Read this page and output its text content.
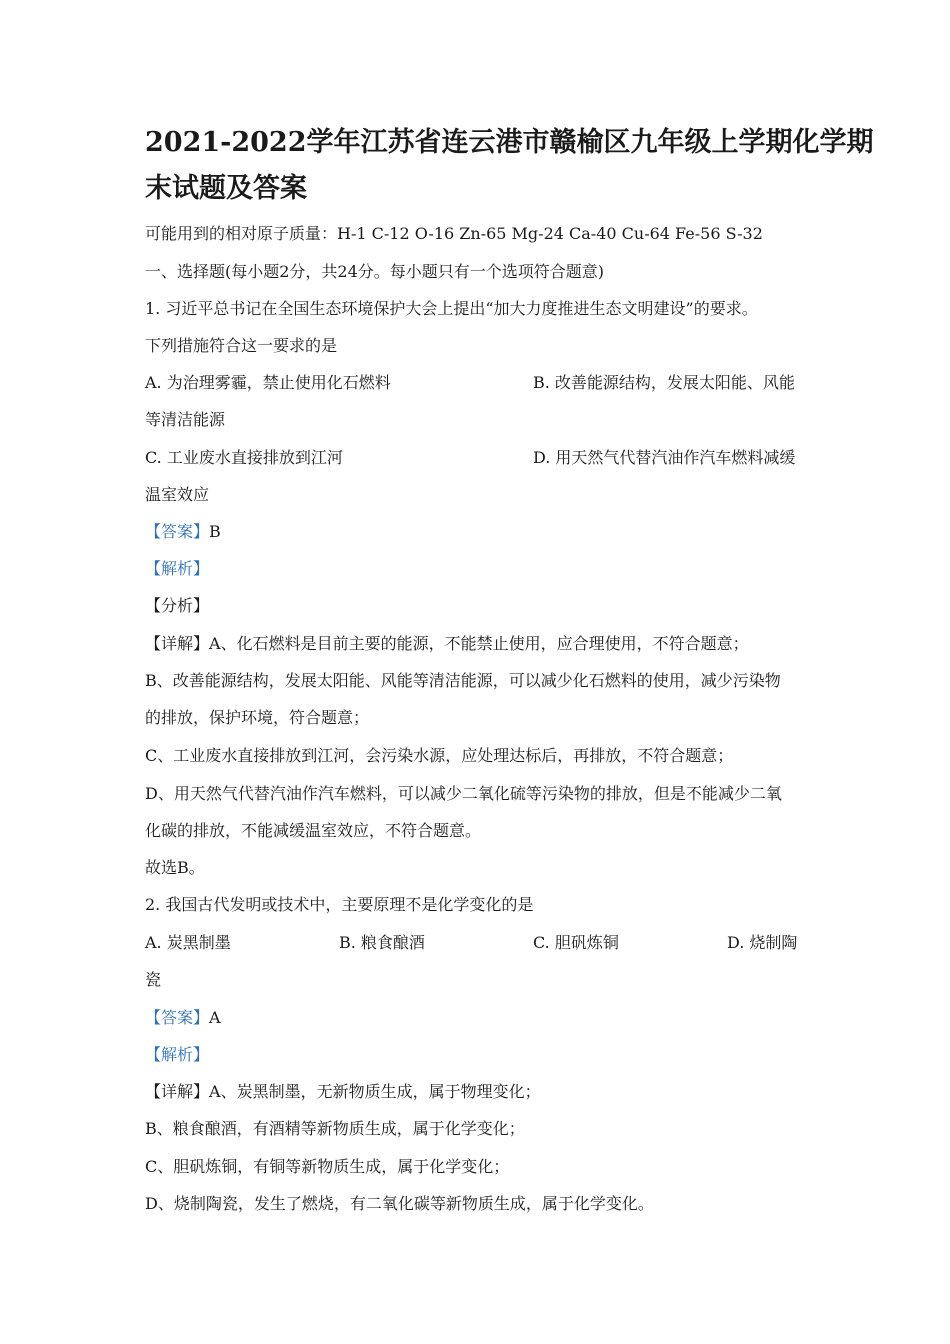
2021-2022学年江苏省连云港市赣榆区九年级上学期化学期
末试题及答案
可能用到的相对原子质量：H-1 C-12 O-16 Zn-65 Mg-24 Ca-40 Cu-64 Fe-56 S-32
一、选择题(每小题2分，共24分。每小题只有一个选项符合题意)
1. 习近平总书记在全国生态环境保护大会上提出“加大力度推进生态文明建设”的要求。
下列措施符合这一要求的是
A. 为治理雾霾，禁止使用化石燃料	B. 改善能源结构，发展太阳能、风能
等清洁能源
C. 工业废水直接排放到江河	D. 用天然气代替汽油作汽车燃料减缓
温室效应
【答案】B
【解析】
【分析】
【详解】A、化石燃料是目前主要的能源，不能禁止使用，应合理使用，不符合题意；
B、改善能源结构，发展太阳能、风能等清洁能源，可以减少化石燃料的使用，减少污染物
的排放，保护环境，符合题意；
C、工业废水直接排放到江河，会污染水源，应处理达标后，再排放，不符合题意；
D、用天然气代替汽油作汽车燃料，可以减少二氧化硫等污染物的排放，但是不能减少二氧
化碳的排放，不能减缓温室效应，不符合题意。
故选B。
2. 我国古代发明或技术中，主要原理不是化学变化的是
A. 炭黑制墨	B. 粮食酿酒	C. 胆矾炼铜	D. 烧制陶
瓷
【答案】A
【解析】
【详解】A、炭黑制墨，无新物质生成，属于物理变化；
B、粮食酿酒，有酒精等新物质生成，属于化学变化；
C、胆矾炼铜，有铜等新物质生成，属于化学变化；
D、烧制陶瓷，发生了燃烧，有二氧化碳等新物质生成，属于化学变化。
